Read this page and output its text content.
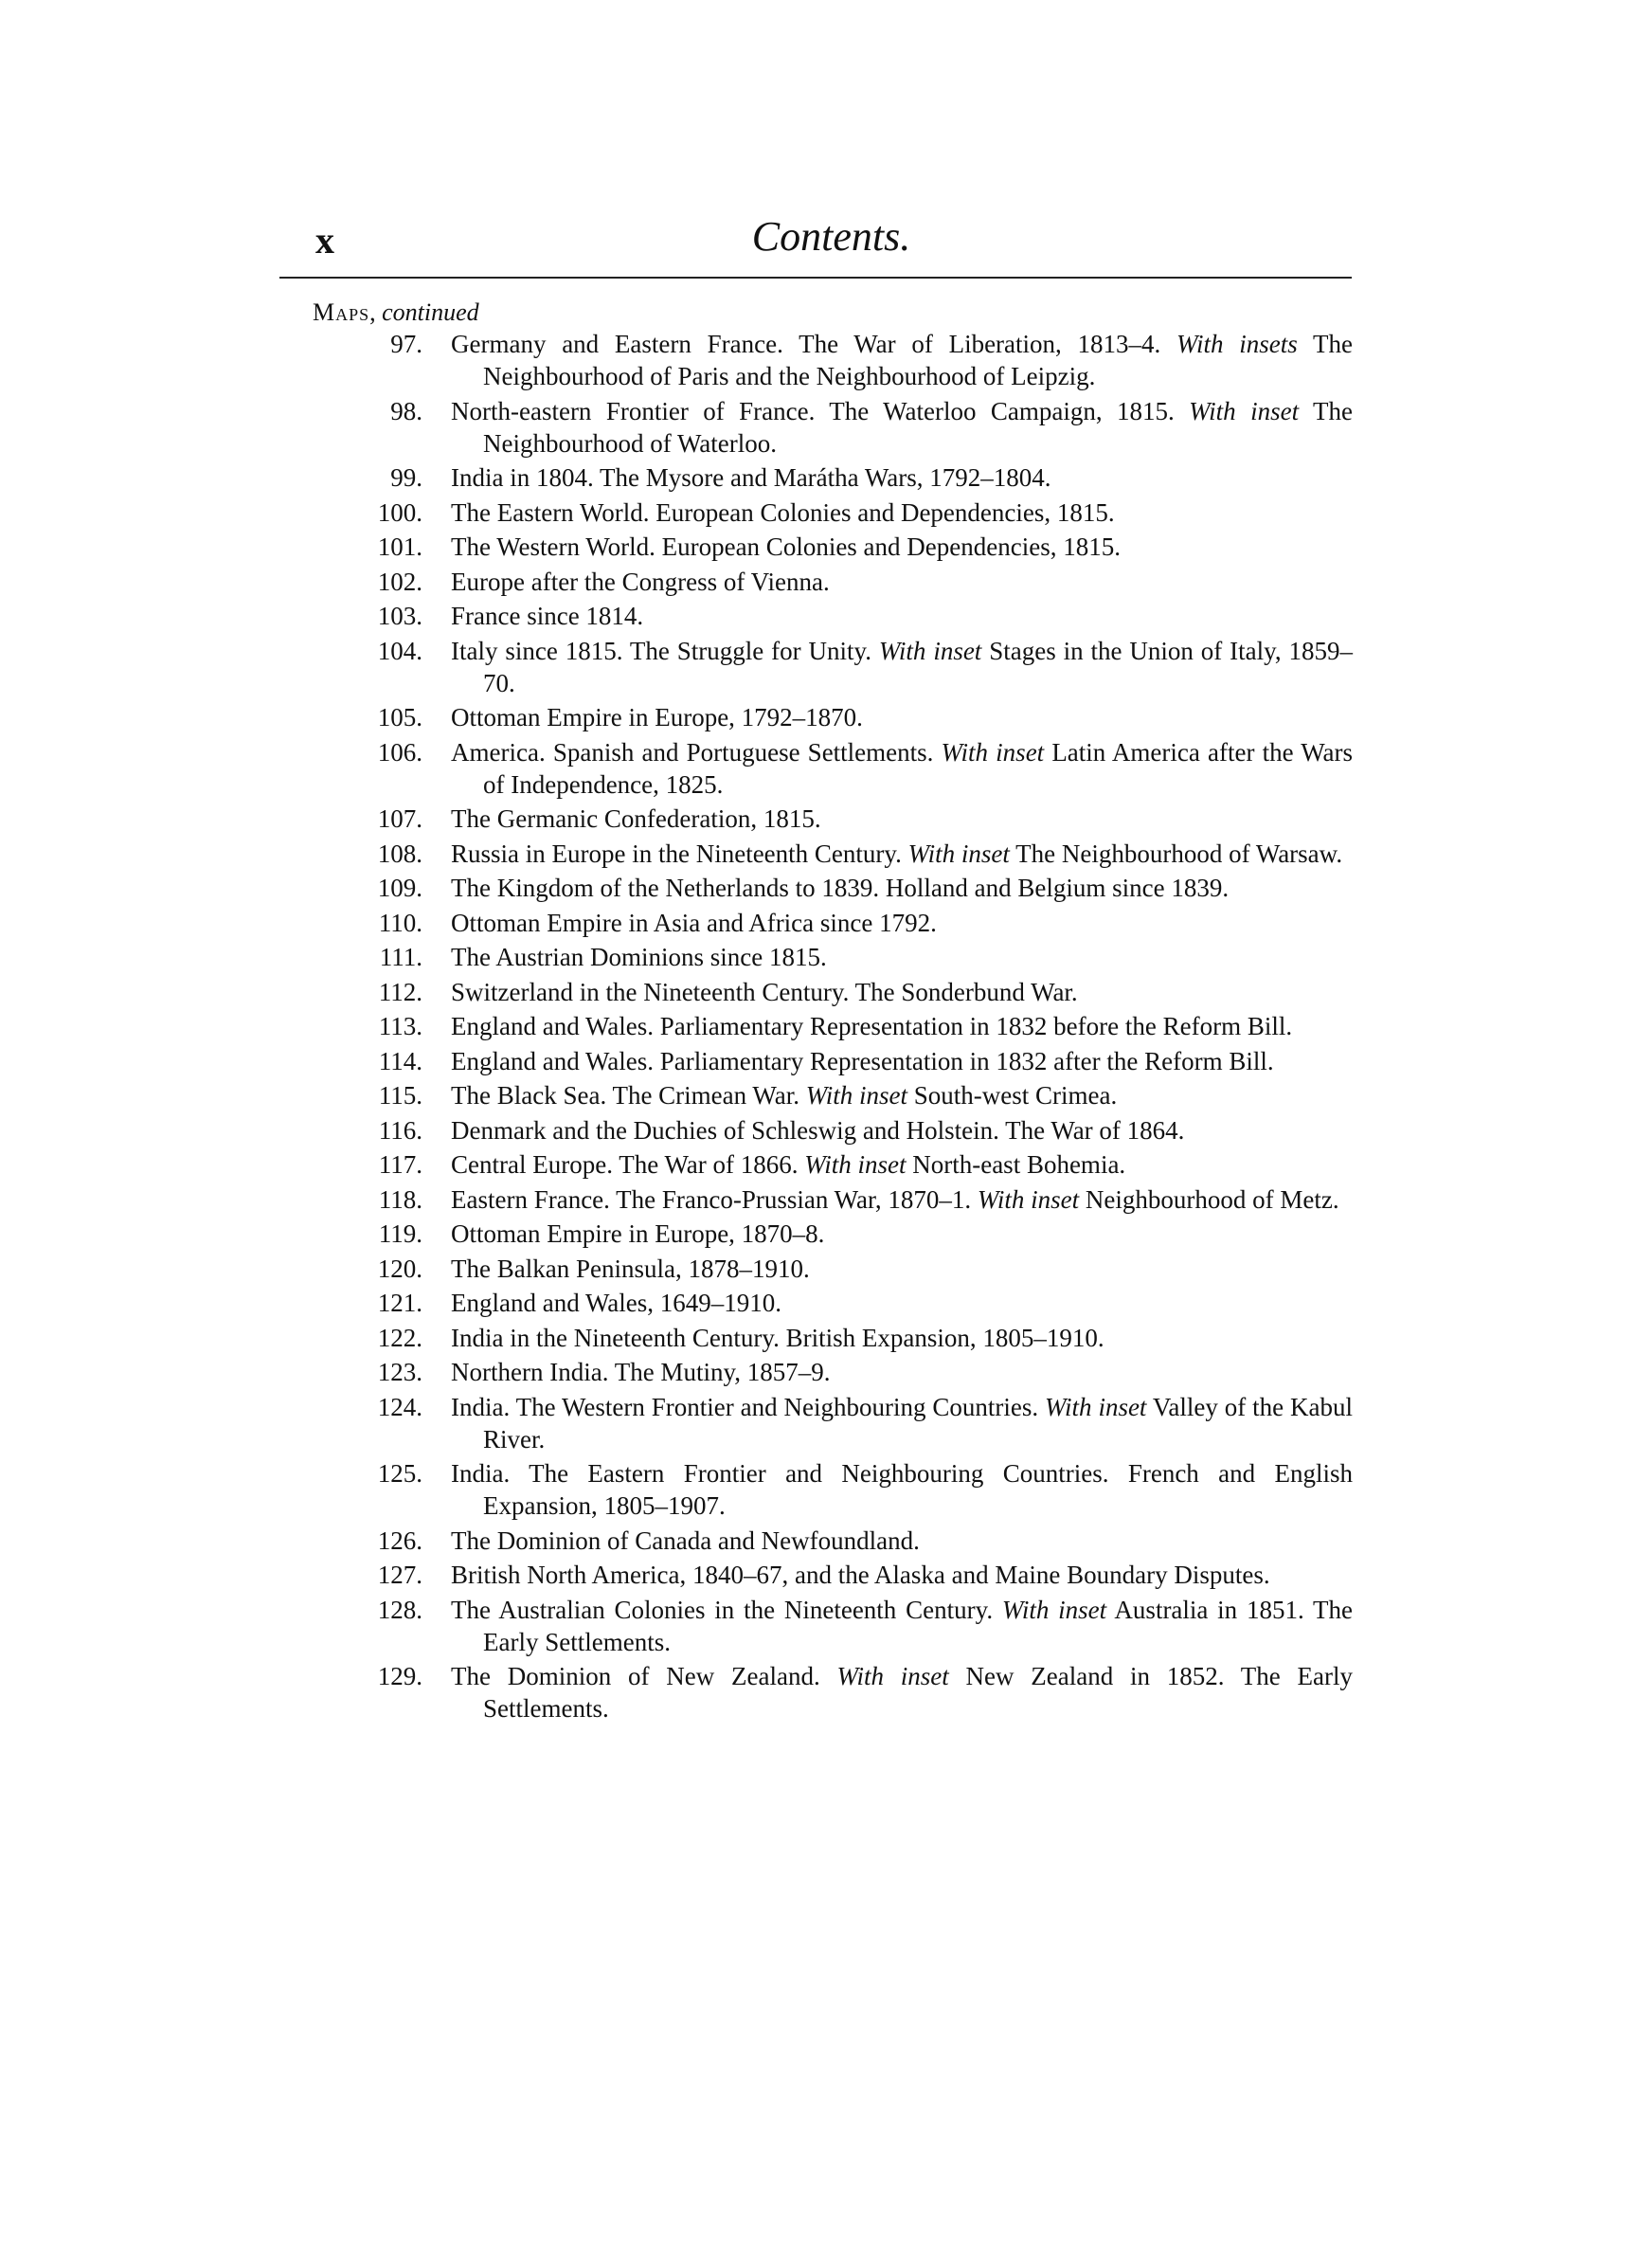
x	Contents.
Maps, continued
97. Germany and Eastern France. The War of Liberation, 1813–4. With insets The Neighbourhood of Paris and the Neighbourhood of Leipzig.
98. North-eastern Frontier of France. The Waterloo Campaign, 1815. With inset The Neighbourhood of Waterloo.
99. India in 1804. The Mysore and Marátha Wars, 1792–1804.
100. The Eastern World. European Colonies and Dependencies, 1815.
101. The Western World. European Colonies and Dependencies, 1815.
102. Europe after the Congress of Vienna.
103. France since 1814.
104. Italy since 1815. The Struggle for Unity. With inset Stages in the Union of Italy, 1859–70.
105. Ottoman Empire in Europe, 1792–1870.
106. America. Spanish and Portuguese Settlements. With inset Latin America after the Wars of Independence, 1825.
107. The Germanic Confederation, 1815.
108. Russia in Europe in the Nineteenth Century. With inset The Neighbourhood of Warsaw.
109. The Kingdom of the Netherlands to 1839. Holland and Belgium since 1839.
110. Ottoman Empire in Asia and Africa since 1792.
111. The Austrian Dominions since 1815.
112. Switzerland in the Nineteenth Century. The Sonderbund War.
113. England and Wales. Parliamentary Representation in 1832 before the Reform Bill.
114. England and Wales. Parliamentary Representation in 1832 after the Reform Bill.
115. The Black Sea. The Crimean War. With inset South-west Crimea.
116. Denmark and the Duchies of Schleswig and Holstein. The War of 1864.
117. Central Europe. The War of 1866. With inset North-east Bohemia.
118. Eastern France. The Franco-Prussian War, 1870–1. With inset Neighbourhood of Metz.
119. Ottoman Empire in Europe, 1870–8.
120. The Balkan Peninsula, 1878–1910.
121. England and Wales, 1649–1910.
122. India in the Nineteenth Century. British Expansion, 1805–1910.
123. Northern India. The Mutiny, 1857–9.
124. India. The Western Frontier and Neighbouring Countries. With inset Valley of the Kabul River.
125. India. The Eastern Frontier and Neighbouring Countries. French and English Expansion, 1805–1907.
126. The Dominion of Canada and Newfoundland.
127. British North America, 1840–67, and the Alaska and Maine Boundary Disputes.
128. The Australian Colonies in the Nineteenth Century. With inset Australia in 1851. The Early Settlements.
129. The Dominion of New Zealand. With inset New Zealand in 1852. The Early Settlements.
